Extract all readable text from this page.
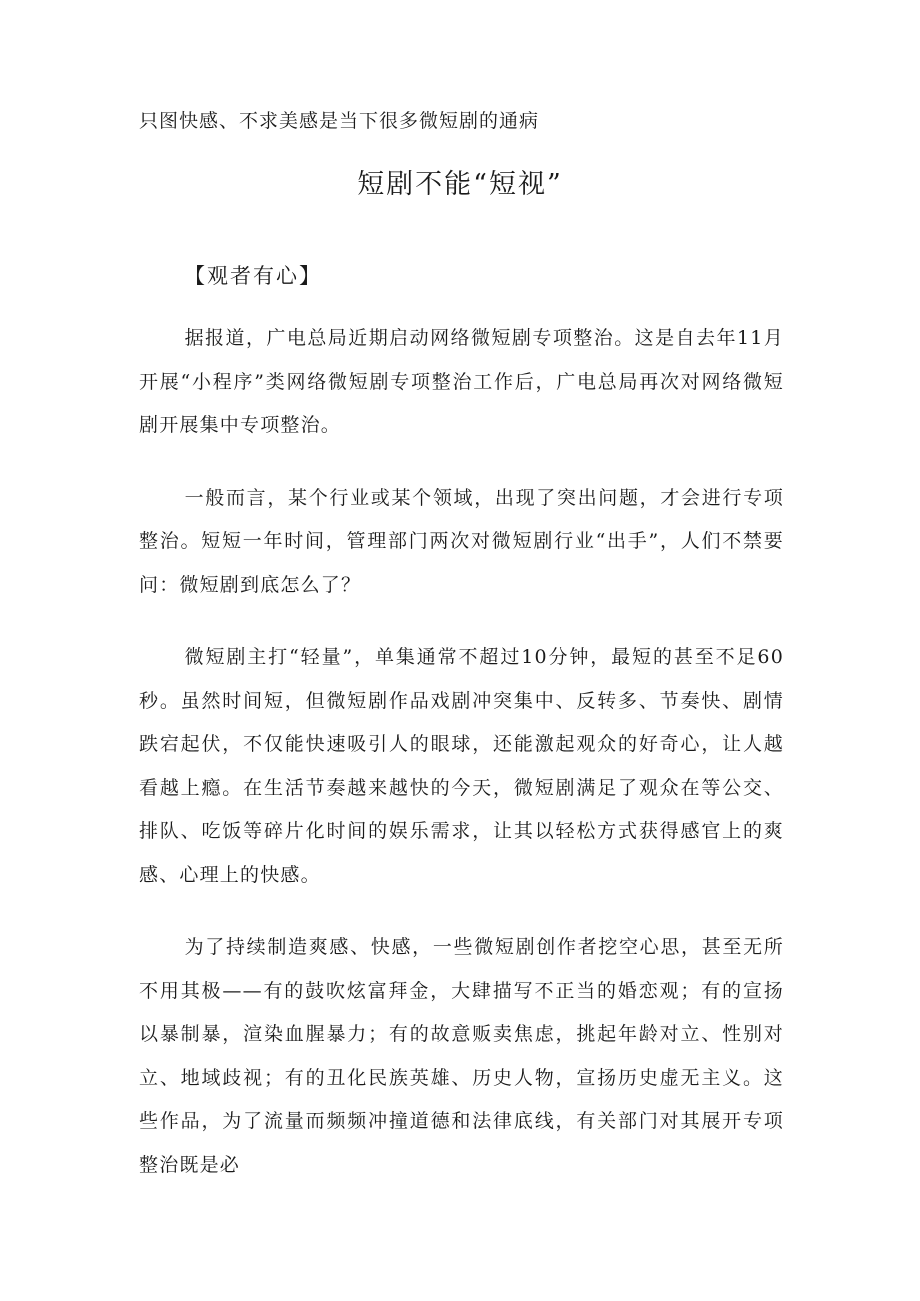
只图快感、不求美感是当下很多微短剧的通病
短剧不能“短视”
【观者有心】

据报道，广电总局近期启动网络微短剧专项整治。这是自去年11月开展“小程序”类网络微短剧专项整治工作后，广电总局再次对网络微短剧开展集中专项整治。

一般而言，某个行业或某个领域，出现了突出问题，才会进行专项整治。短短一年时间，管理部门两次对微短剧行业“出手”，人们不禁要问：微短剧到底怎么了？

微短剧主打“轻量”，单集通常不超过10分钟，最短的甚至不足60秒。虽然时间短，但微短剧作品戏剧冲突集中、反转多、节奏快、剧情跌宕起伏，不仅能快速吸引人的眼球，还能激起观众的好奇心，让人越看越上瘾。在生活节奏越来越快的今天，微短剧满足了观众在等公交、排队、吃饭等碎片化时间的娱乐需求，让其以轻松方式获得感官上的爽感、心理上的快感。

为了持续制造爽感、快感，一些微短剧创作者挖空心思，甚至无所不用其极——有的鼓吹炫富拜金，大肆描写不正当的婚恋观；有的宣扬以暴制暴，渲染血腥暴力；有的故意贩卖焦虑，挑起年龄对立、性别对立、地域歧视；有的丑化民族英雄、历史人物，宣扬历史虚无主义。这些作品，为了流量而频频冲撞道德和法律底线，有关部门对其展开专项整治既是必
